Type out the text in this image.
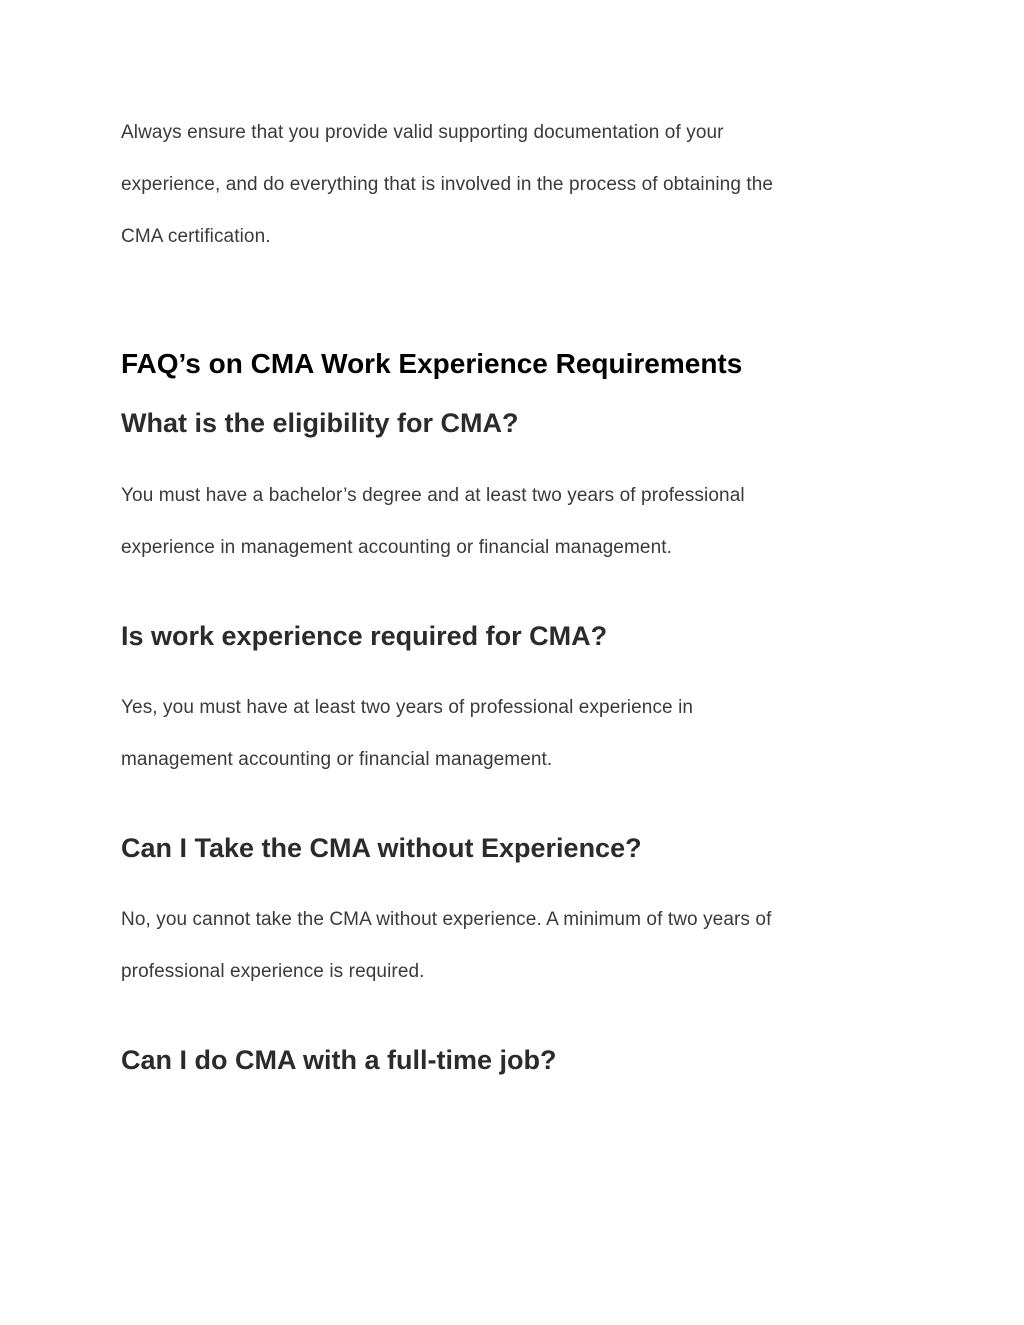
Always ensure that you provide valid supporting documentation of your
experience, and do everything that is involved in the process of obtaining the
CMA certification.

FAQ’s on CMA Work Experience Requirements
What is the eligibility for CMA?

You must have a bachelor’s degree and at least two years of professional
experience in management accounting or financial management.

Is work experience required for CMA?

Yes, you must have at least two years of professional experience in
management accounting or financial management.

Can I Take the CMA without Experience?

No, you cannot take the CMA without experience. A minimum of two years of
professional experience is required.

Can I do CMA with a full-time job?
